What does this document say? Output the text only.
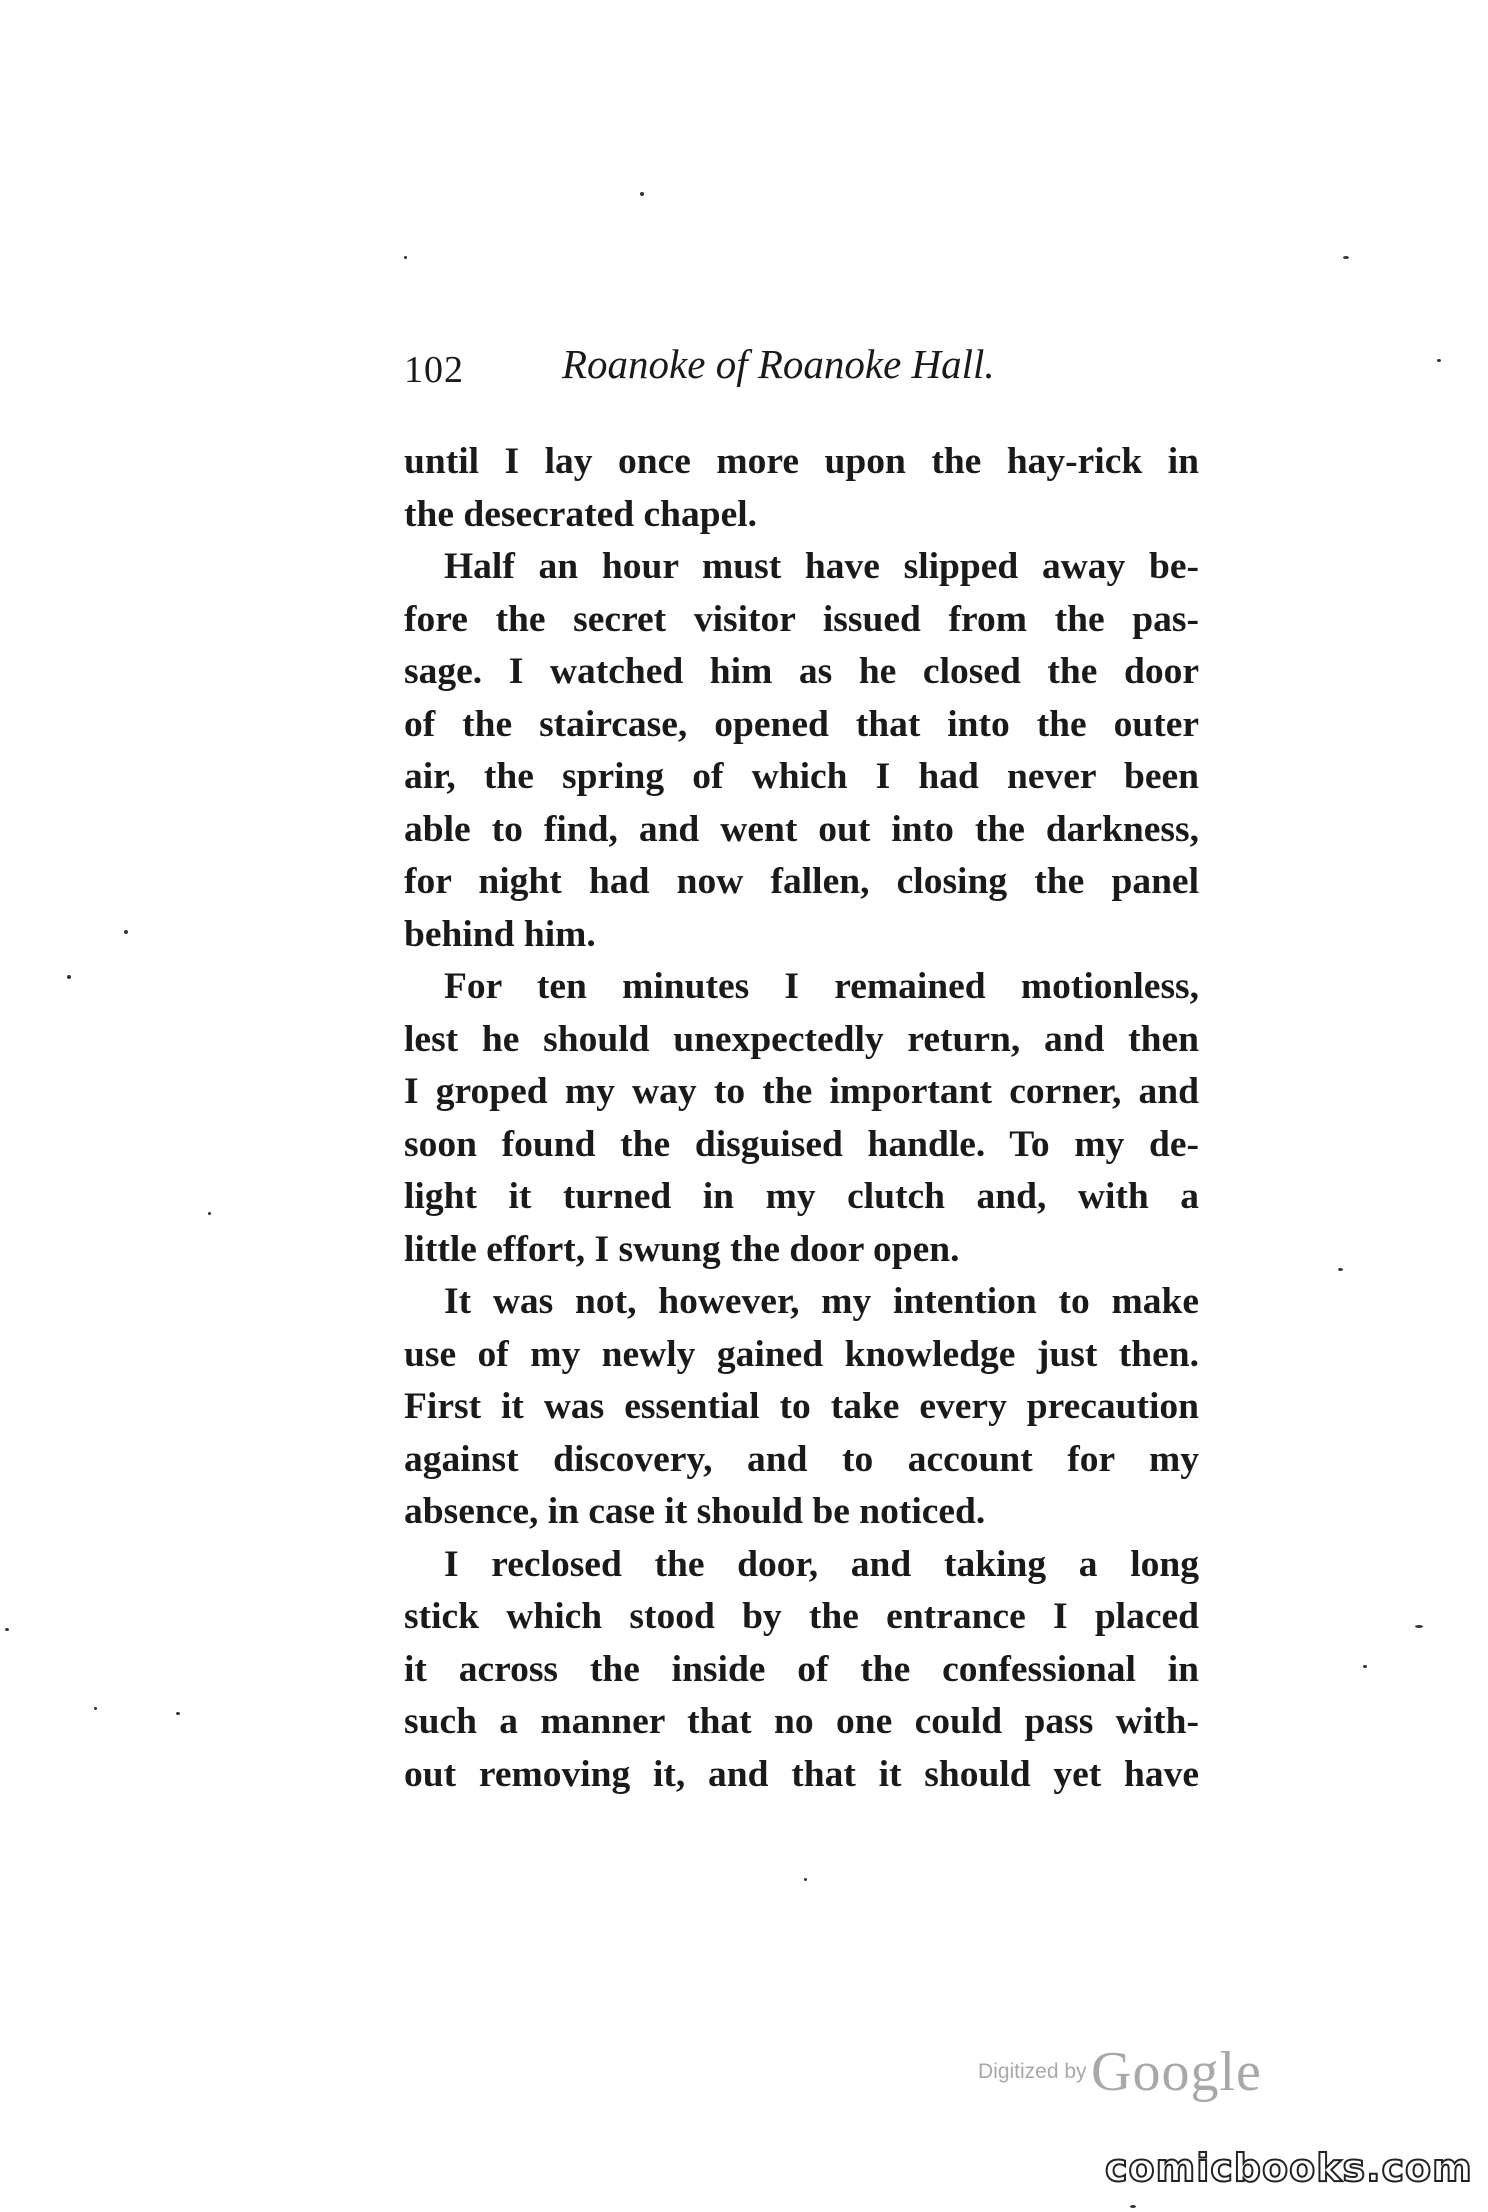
102 Roanoke of Roanoke Hall.
until I lay once more upon the hay-rick in
the desecrated chapel.
Half an hour must have slipped away be-
fore the secret visitor issued from the pas-
sage. I watched him as he closed the door
of the staircase, opened that into the outer
air, the spring of which I had never been
able to find, and went out into the darkness,
for night had now fallen, closing the panel
behind him.
For ten minutes I remained motionless,
lest he should unexpectedly return, and then
I groped my way to the important corner, and
soon found the disguised handle. To my de-
light it turned in my clutch and, with a
little effort, I swung the door open.
It was not, however, my intention to make
use of my newly gained knowledge just then.
First it was essential to take every precaution
against discovery, and to account for my
absence, in case it should be noticed.
I reclosed the door, and taking a long
stick which stood by the entrance I placed
it across the inside of the confessional in
such a manner that no one could pass with-
out removing it, and that it should yet have
Digitized by Google
comicbooks.com
